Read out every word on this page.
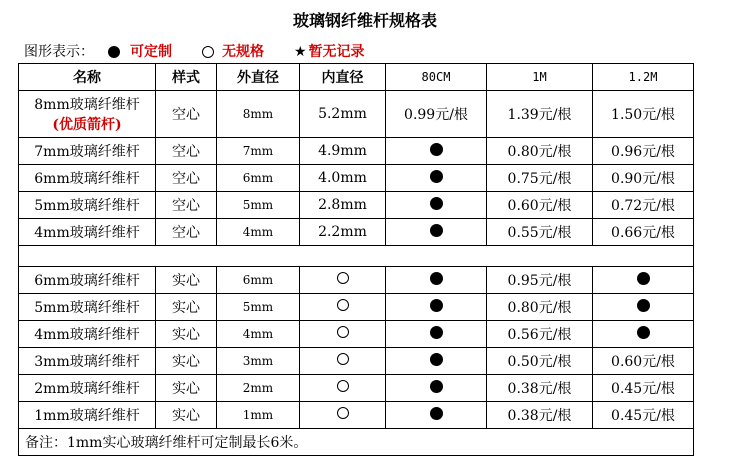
玻璃钢纤维杆规格表
图形表示：	可定制	无规格 ★ 暂无记录
名称	样式	外直径	内直径	80CM	1M	1.2M
8mm玻璃纤维杆
(优质箭杆)	空心	8mm	5.2mm	0.99元/根	1.39元/根	1.50元/根
7mm玻璃纤维杆	空心	7mm	4.9mm		0.80元/根	0.96元/根
6mm玻璃纤维杆	空心	6mm	4.0mm		0.75元/根	0.90元/根
5mm玻璃纤维杆	空心	5mm	2.8mm		0.60元/根	0.72元/根
4mm玻璃纤维杆	空心	4mm	2.2mm		0.55元/根	0.66元/根

6mm玻璃纤维杆	实心	6mm			0.95元/根	
5mm玻璃纤维杆	实心	5mm			0.80元/根	
4mm玻璃纤维杆	实心	4mm			0.56元/根	
3mm玻璃纤维杆	实心	3mm			0.50元/根	0.60元/根
2mm玻璃纤维杆	实心	2mm			0.38元/根	0.45元/根
1mm玻璃纤维杆	实心	1mm			0.38元/根	0.45元/根
备注：1mm实心玻璃纤维杆可定制最长6米。						
